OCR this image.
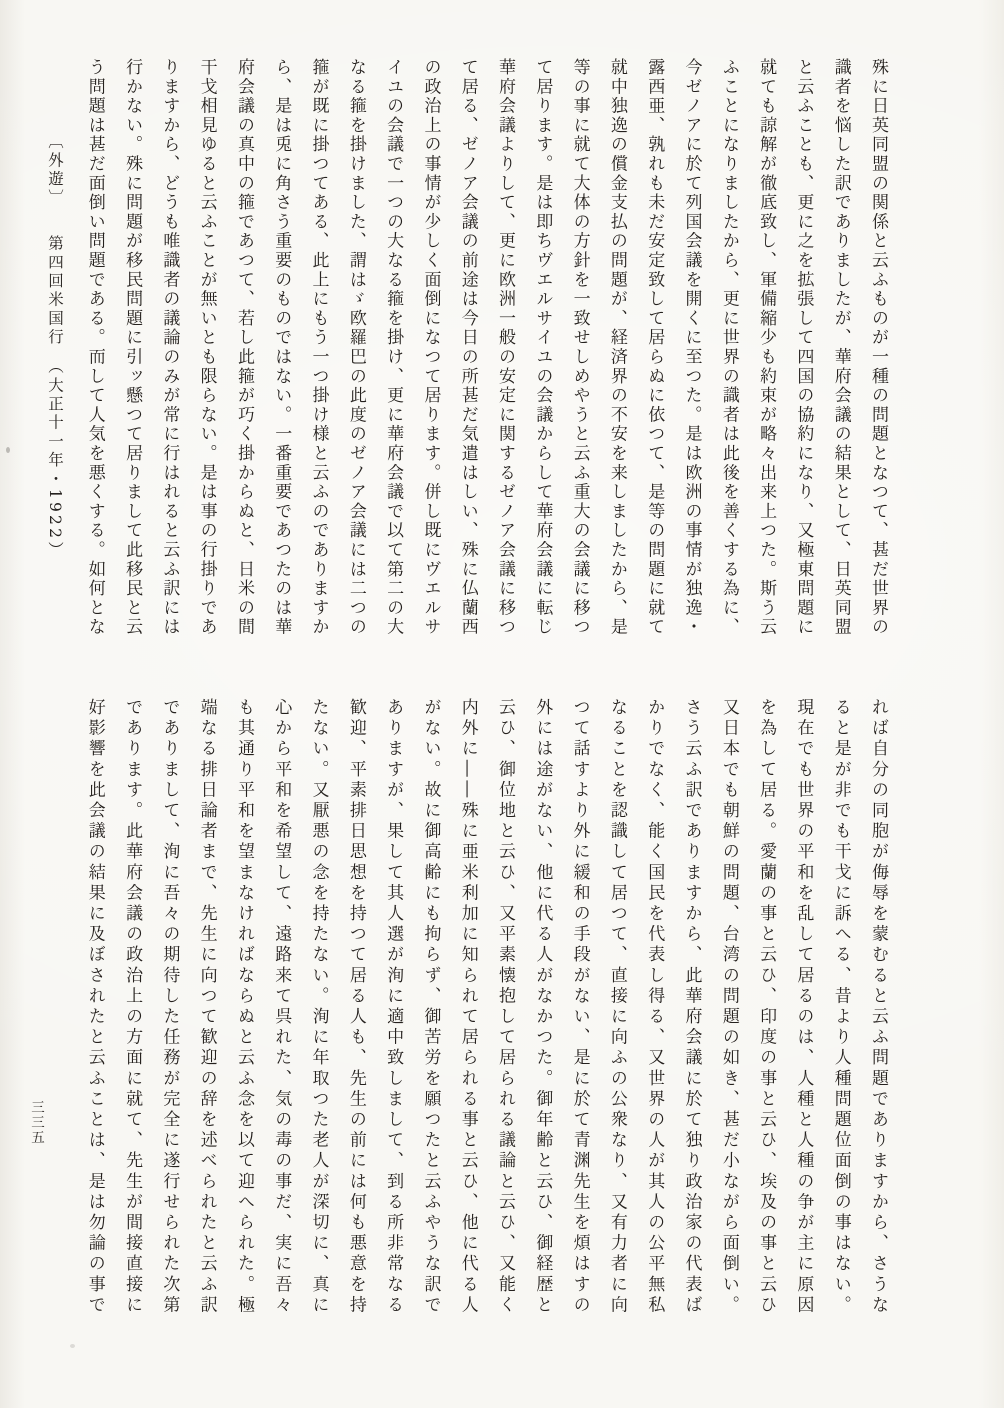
殊に日英同盟の関係と云ふものが一種の問題となつて、甚だ世界の
識者を悩した訳でありましたが、華府会議の結果として、日英同盟
と云ふことも、更に之を拡張して四国の協約になり、又極東問題に
就ても諒解が徹底致し、軍備縮少も約束が略々出来上つた。斯う云
ふことになりましたから、更に世界の識者は此後を善くする為に、
今ゼノアに於て列国会議を開くに至つた。是は欧洲の事情が独逸・
露西亜、孰れも未だ安定致して居らぬに依つて、是等の問題に就て
就中独逸の償金支払の問題が、経済界の不安を来しましたから、是
等の事に就て大体の方針を一致せしめやうと云ふ重大の会議に移つ
て居ります。是は即ちヴエルサイユの会議からして華府会議に転じ
華府会議よりして、更に欧洲一般の安定に関するゼノア会議に移つ
て居る、ゼノア会議の前途は今日の所甚だ気遣はしい、殊に仏蘭西
の政治上の事情が少しく面倒になつて居ります。併し既にヴエルサ
イユの会議で一つの大なる箍を掛け、更に華府会議で以て第二の大
なる箍を掛けました、謂はゞ欧羅巴の此度のゼノア会議には二つの
箍が既に掛つてある、此上にもう一つ掛け様と云ふのでありますか
ら、是は兎に角さう重要のものではない。一番重要であつたのは華
府会議の真中の箍であつて、若し此箍が巧く掛からぬと、日米の間
干戈相見ゆると云ふことが無いとも限らない。是は事の行掛りであ
りますから、どうも唯識者の議論のみが常に行はれると云ふ訳には
行かない。殊に問題が移民問題に引ッ懸つて居りまして此移民と云
う問題は甚だ面倒い問題である。而して人気を悪くする。如何とな
れば自分の同胞が侮辱を蒙むると云ふ問題でありますから、さうな
ると是が非でも干戈に訴へる、昔より人種問題位面倒の事はない。
現在でも世界の平和を乱して居るのは、人種と人種の争が主に原因
を為して居る。愛蘭の事と云ひ、印度の事と云ひ、埃及の事と云ひ
又日本でも朝鮮の問題、台湾の問題の如き、甚だ小ながら面倒い。
さう云ふ訳でありますから、此華府会議に於て独り政治家の代表ば
かりでなく、能く国民を代表し得る、又世界の人が其人の公平無私
なることを認識して居つて、直接に向ふの公衆なり、又有力者に向
つて話すより外に緩和の手段がない、是に於て青渊先生を煩はすの
外には途がない、他に代る人がなかつた。御年齢と云ひ、御経歴と
云ひ、御位地と云ひ、又平素懐抱して居られる議論と云ひ、又能く
内外に――殊に亜米利加に知られて居られる事と云ひ、他に代る人
がない。故に御高齢にも拘らず、御苦労を願つたと云ふやうな訳で
ありますが、果して其人選が洵に適中致しまして、到る所非常なる
歓迎、平素排日思想を持つて居る人も、先生の前には何も悪意を持
たない。又厭悪の念を持たない。洵に年取つた老人が深切に、真に
心から平和を希望して、遠路来て呉れた、気の毒の事だ、実に吾々
も其通り平和を望まなければならぬと云ふ念を以て迎へられた。極
端なる排日論者まで、先生に向つて歓迎の辞を述べられたと云ふ訳
でありまして、洵に吾々の期待した任務が完全に遂行せられた次第
であります。此華府会議の政治上の方面に就て、先生が間接直接に
好影響を此会議の結果に及ぼされたと云ふことは、是は勿論の事で
〔外遊〕第四回米国行（大正十一年・1922）
三三五
